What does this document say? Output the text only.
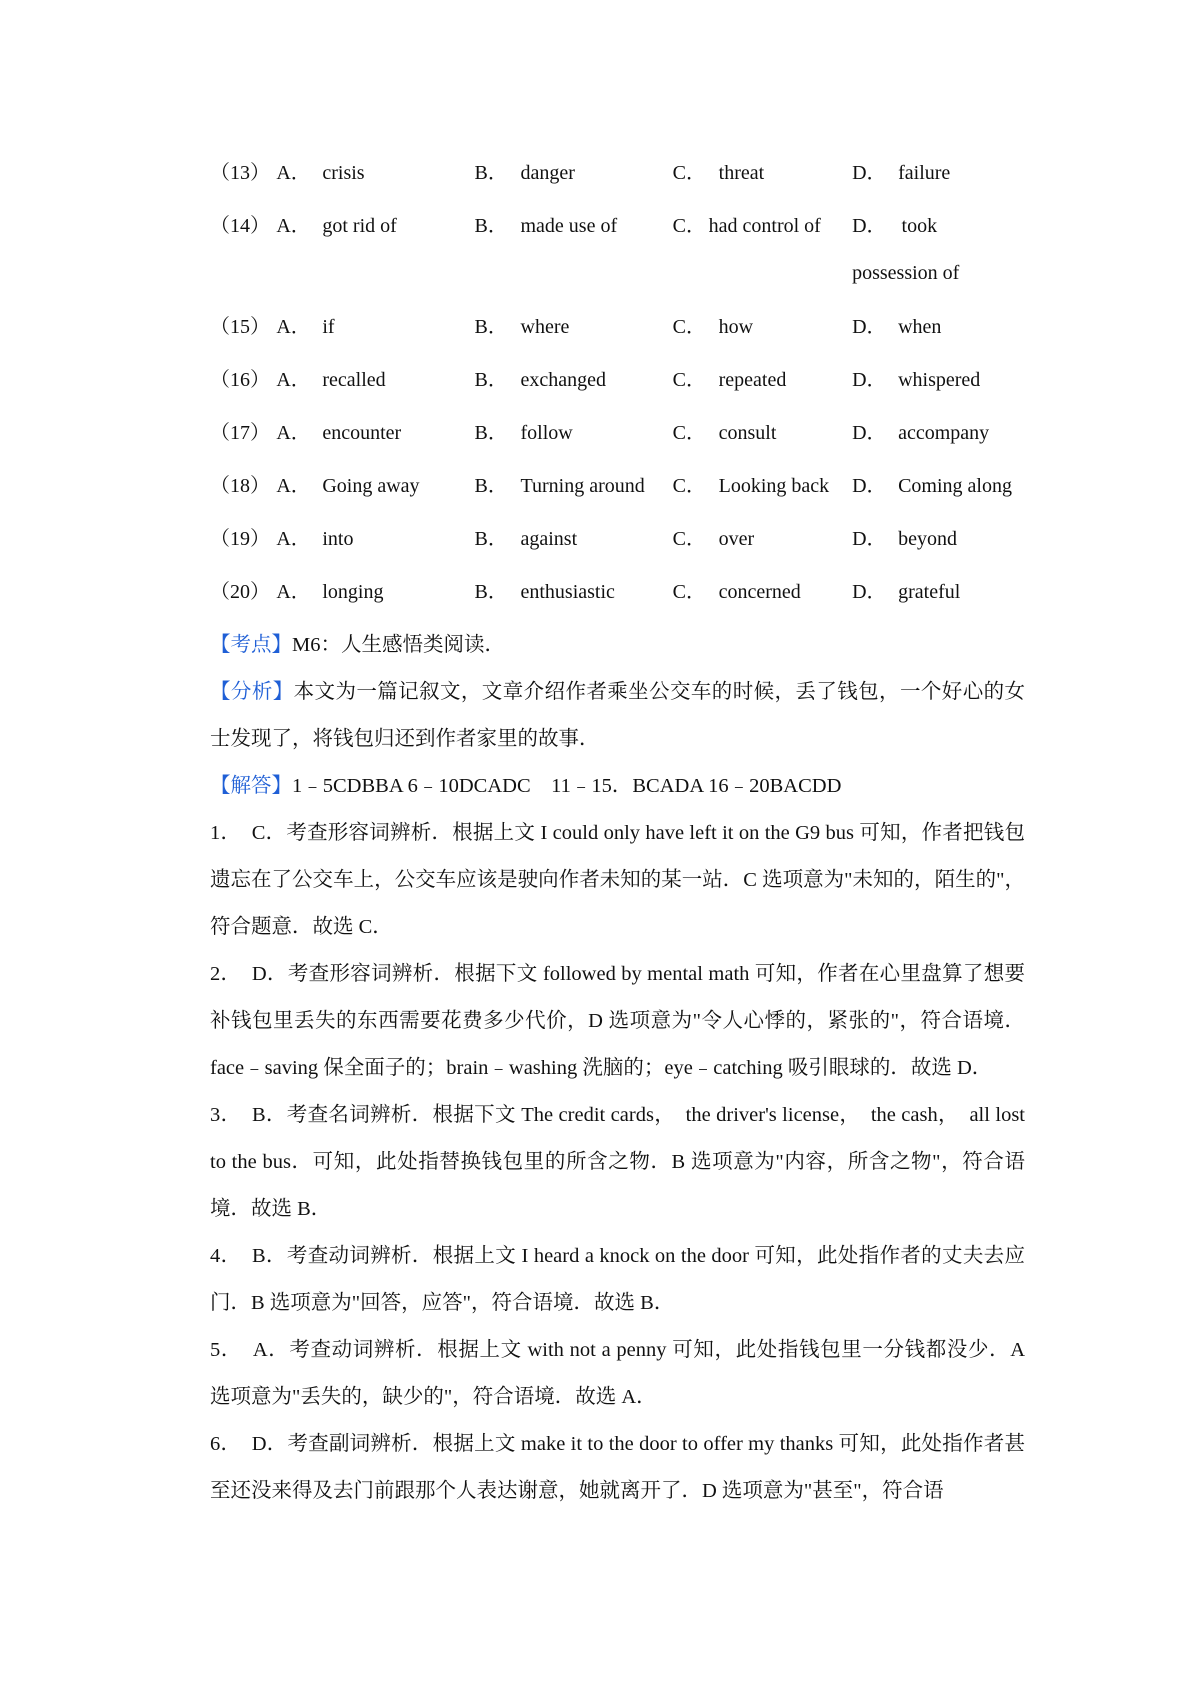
（13） A． crisis	B． danger	C． threat	D． failure
（14） A． got rid of	B． made use of	C． had control of D． took possession of
（15） A． if	B． where	C． how	D． when
（16） A． recalled	B． exchanged	C． repeated	D． whispered
（17） A． encounter	B． follow	C． consult	D． accompany
（18） A． Going away	B． Turning around C． Looking back D． Coming along
（19） A． into	B． against	C． over	D． beyond
（20） A． longing	B． enthusiastic	C． concerned	D． grateful
【考点】M6：人生感悟类阅读．
【分析】本文为一篇记叙文，文章介绍作者乘坐公交车的时候，丢了钱包，一个好心的女士发现了，将钱包归还到作者家里的故事．
【解答】1﹣5CDBBA 6﹣10DCADC　11﹣15．BCADA 16﹣20BACDD
1．　C．考查形容词辨析．根据上文 I could only have left it on the G9 bus 可知，作者把钱包遗忘在了公交车上，公交车应该是驶向作者未知的某一站．C 选项意为"未知的，陌生的"，符合题意．故选 C．
2．　D．考查形容词辨析．根据下文 followed by mental math 可知，作者在心里盘算了想要补钱包里丢失的东西需要花费多少代价，D 选项意为"令人心悸的，紧张的"，符合语境．face﹣saving 保全面子的；brain﹣washing 洗脑的；eye﹣catching 吸引眼球的．故选 D．
3．　B．考查名词辨析．根据下文 The credit cards，　the driver's license，　the cash，　all lost to the bus．可知，此处指替换钱包里的所含之物．B 选项意为"内容，所含之物"，符合语境．故选 B．
4．　B．考查动词辨析．根据上文 I heard a knock on the door 可知，此处指作者的丈夫去应门．B 选项意为"回答，应答"，符合语境．故选 B．
5．　A．考查动词辨析．根据上文 with not a penny 可知，此处指钱包里一分钱都没少．A 选项意为"丢失的，缺少的"，符合语境．故选 A．
6．　D．考查副词辨析．根据上文 make it to the door to offer my thanks 可知，此处指作者甚至还没来得及去门前跟那个人表达谢意，她就离开了．D 选项意为"甚至"，符合语
